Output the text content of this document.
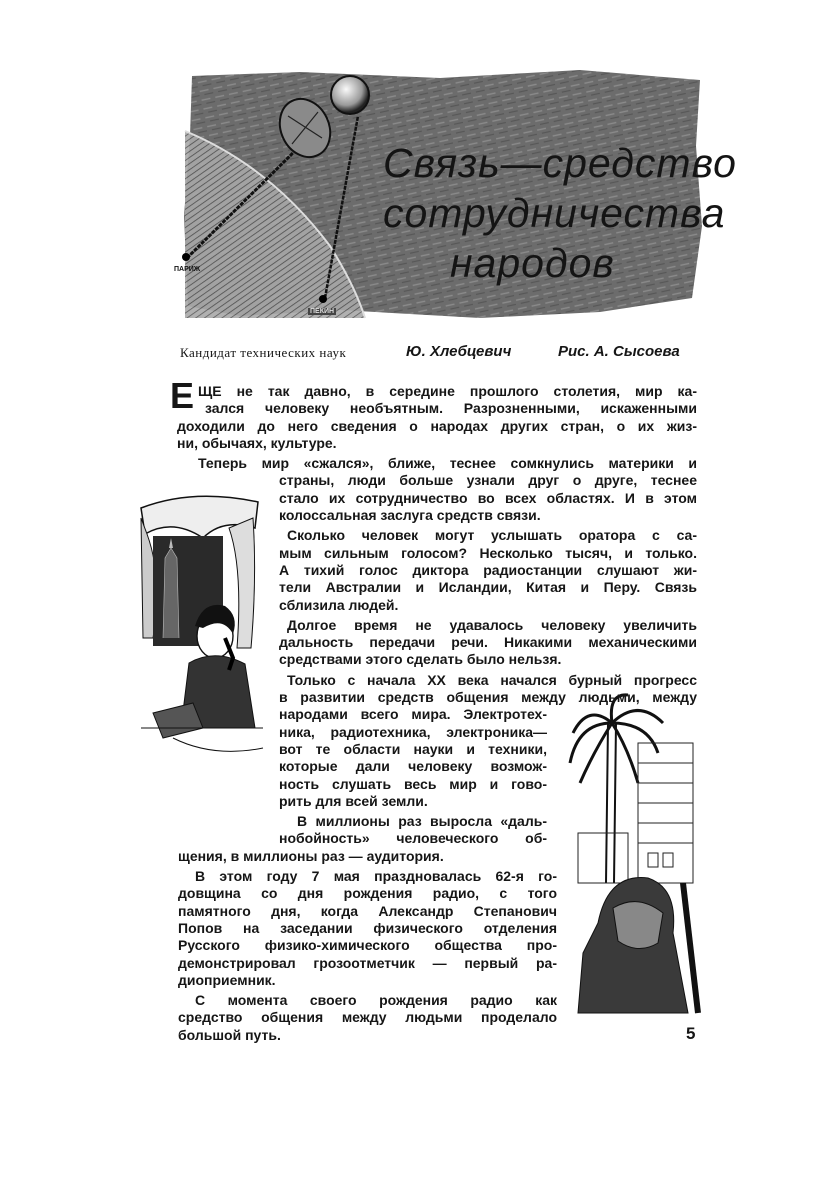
ПАРИЖ
ПЕКИН
Связь—средство
сотрудничества
народов
Кандидат технических наук	Ю. Хлебцевич	Рис. А. Сысоева
Е ЩЕ не так давно, в середине прошлого столетия, мир ка-
зался человеку необъятным. Разрозненными, искаженными
доходили до него сведения о народах других стран, о их жиз-
ни, обычаях, культуре.
Теперь мир «сжался», ближе, теснее сомкнулись материки и
страны, люди больше узнали друг о друге, теснее
стало их сотрудничество во всех областях. И в этом
колоссальная заслуга средств связи.
Сколько человек могут услышать оратора с са-
мым сильным голосом? Несколько тысяч, и только.
А тихий голос диктора радиостанции слушают жи-
тели Австралии и Исландии, Китая и Перу. Связь
сблизила людей.
Долгое время не удавалось человеку увеличить
дальность передачи речи. Никакими механическими
средствами этого сделать было нельзя.
Только с начала XX века начался бурный прогресс
в развитии средств общения между людьми, между
народами всего мира. Электротех-
ника, радиотехника, электроника—
вот те области науки и техники,
которые дали человеку возмож-
ность слушать весь мир и гово-
рить для всей земли.
В миллионы раз выросла «даль-
нобойность» человеческого об-
щения, в миллионы раз — аудитория.
В этом году 7 мая праздновалась 62-я го-
довщина со дня рождения радио, с того
памятного дня, когда Александр Степанович
Попов на заседании физического отделения
Русского физико-химического общества про-
демонстрировал грозоотметчик — первый ра-
диоприемник.
С момента своего рождения радио как
средство общения между людьми проделало
большой путь.	5
